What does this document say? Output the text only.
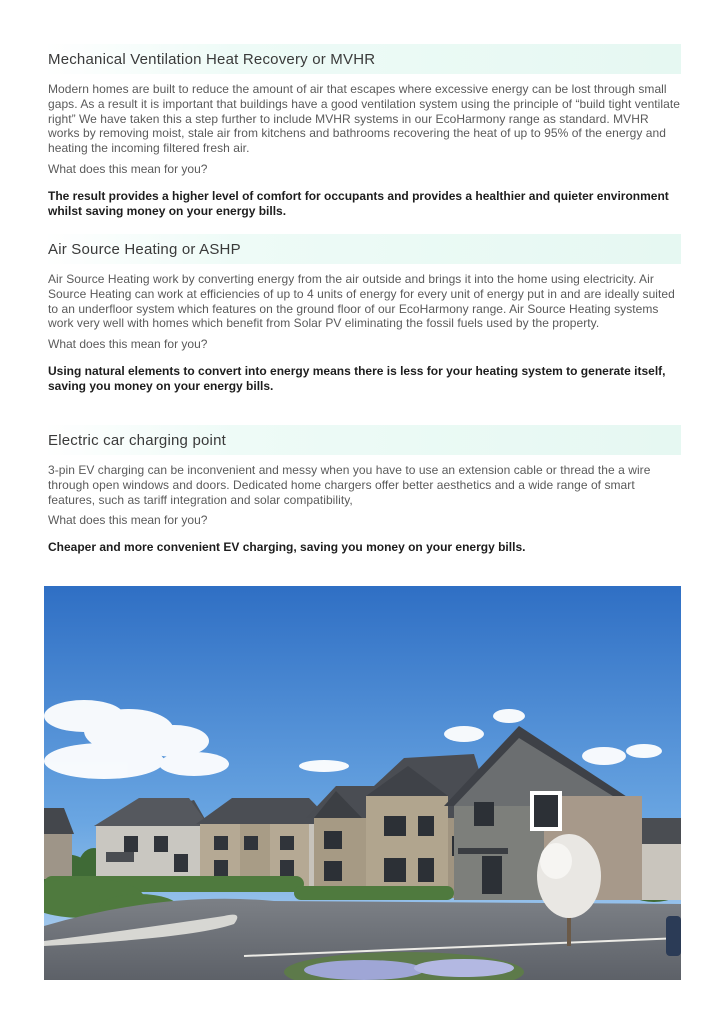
Mechanical Ventilation Heat Recovery or MVHR

Modern homes are built to reduce the amount of air that escapes where excessive energy can be lost through small gaps. As a result it is important that buildings have a good ventilation system using the principle of “build tight ventilate right” We have taken this a step further to include MVHR systems in our EcoHarmony range as standard. MVHR works by removing moist, stale air from kitchens and bathrooms recovering the heat of up to 95% of the energy and heating the incoming filtered fresh air.

What does this mean for you?

The result provides a higher level of comfort for occupants and provides a healthier and quieter environment whilst saving money on your energy bills.

Air Source Heating or ASHP

Air Source Heating work by converting energy from the air outside and brings it into the home using electricity. Air Source Heating can work at efficiencies of up to 4 units of energy for every unit of energy put in and are ideally suited to an underfloor system which features on the ground floor of our EcoHarmony range. Air Source Heating systems work very well with homes which benefit from Solar PV eliminating the fossil fuels used by the property.

What does this mean for you?

Using natural elements to convert into energy means there is less for your heating system to generate itself, saving you money on your energy bills.

Electric car charging point

3-pin EV charging can be inconvenient and messy when you have to use an extension cable or thread the a wire through open windows and doors. Dedicated home chargers offer better aesthetics and a wide range of smart features, such as tariff integration and solar compatibility,

What does this mean for you?

Cheaper and more convenient EV charging, saving you money on your energy bills.
